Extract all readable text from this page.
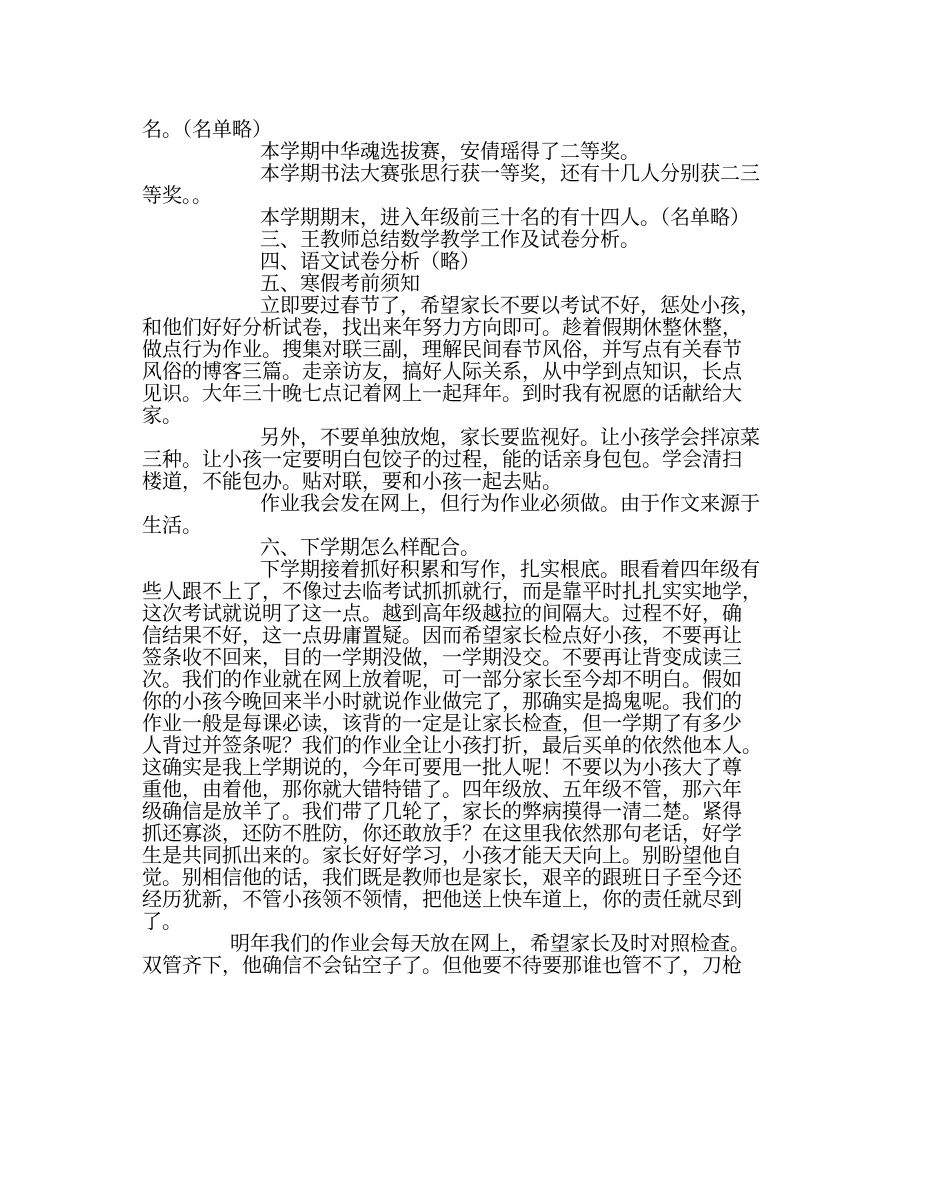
名。（名单略）

本学期中华魂选拔赛，安倩瑶得了二等奖。

本学期书法大赛张思行获一等奖，还有十几人分别获二三

等奖。。

本学期期末，进入年级前三十名的有十四人。（名单略）

三、王教师总结数学教学工作及试卷分析。

四、语文试卷分析（略）

五、寒假考前须知

立即要过春节了，希望家长不要以考试不好，惩处小孩，

和他们好好分析试卷，找出来年努力方向即可。趁着假期休整休整，

做点行为作业。搜集对联三副，理解民间春节风俗，并写点有关春节

风俗的博客三篇。走亲访友，搞好人际关系，从中学到点知识，长点

见识。大年三十晚七点记着网上一起拜年。到时我有祝愿的话献给大

家。

另外，不要单独放炮，家长要监视好。让小孩学会拌凉菜

三种。让小孩一定要明白包饺子的过程，能的话亲身包包。学会清扫

楼道，不能包办。贴对联，要和小孩一起去贴。

作业我会发在网上，但行为作业必须做。由于作文来源于

生活。

六、下学期怎么样配合。

下学期接着抓好积累和写作，扎实根底。眼看着四年级有

些人跟不上了，不像过去临考试抓抓就行，而是靠平时扎扎实实地学，

这次考试就说明了这一点。越到高年级越拉的间隔大。过程不好，确

信结果不好，这一点毋庸置疑。因而希望家长检点好小孩，不要再让

签条收不回来，目的一学期没做，一学期没交。不要再让背变成读三

次。我们的作业就在网上放着呢，可一部分家长至今却不明白。假如

你的小孩今晚回来半小时就说作业做完了，那确实是捣鬼呢。我们的

作业一般是每课必读，该背的一定是让家长检查，但一学期了有多少

人背过并签条呢？我们的作业全让小孩打折，最后买单的依然他本人。

这确实是我上学期说的，今年可要甩一批人呢！不要以为小孩大了尊

重他，由着他，那你就大错特错了。四年级放、五年级不管，那六年

级确信是放羊了。我们带了几轮了，家长的弊病摸得一清二楚。紧得

抓还寡淡，还防不胜防，你还敢放手？在这里我依然那句老话，好学

生是共同抓出来的。家长好好学习，小孩才能天天向上。别盼望他自

觉。别相信他的话，我们既是教师也是家长，艰辛的跟班日子至今还

经历犹新，不管小孩领不领情，把他送上快车道上，你的责任就尽到

了。

明年我们的作业会每天放在网上，希望家长及时对照检查。

双管齐下，他确信不会钻空子了。但他要不待要那谁也管不了，刀枪
